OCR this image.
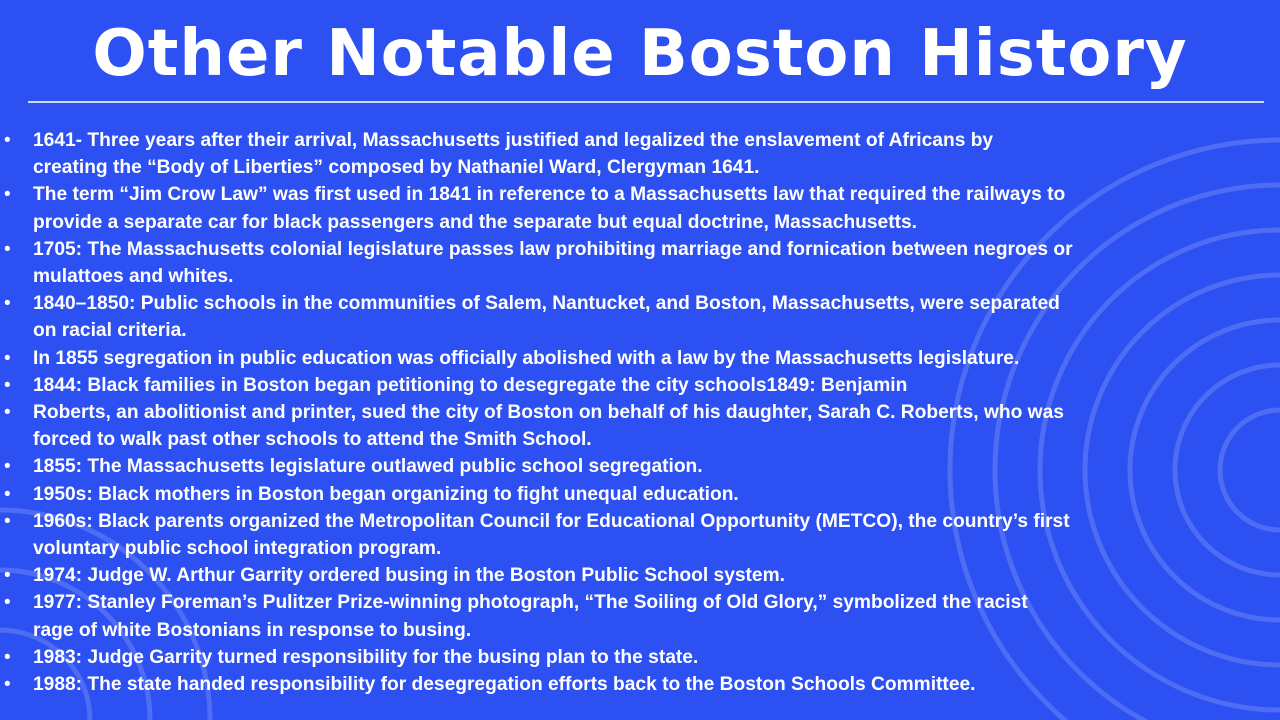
Other Notable Boston History
• 1641- Three years after their arrival, Massachusetts justified and legalized the enslavement of Africans by
creating the “Body of Liberties” composed by Nathaniel Ward, Clergyman 1641.
• The term “Jim Crow Law” was first used in 1841 in reference to a Massachusetts law that required the railways to
provide a separate car for black passengers and the separate but equal doctrine, Massachusetts.
• 1705: The Massachusetts colonial legislature passes law prohibiting marriage and fornication between negroes or
mulattoes and whites.
• 1840–1850: Public schools in the communities of Salem, Nantucket, and Boston, Massachusetts, were separated
on racial criteria.
• In 1855 segregation in public education was officially abolished with a law by the Massachusetts legislature.
• 1844: Black families in Boston began petitioning to desegregate the city schools1849: Benjamin
• Roberts, an abolitionist and printer, sued the city of Boston on behalf of his daughter, Sarah C. Roberts, who was
forced to walk past other schools to attend the Smith School.
• 1855: The Massachusetts legislature outlawed public school segregation.
• 1950s: Black mothers in Boston began organizing to fight unequal education.
• 1960s: Black parents organized the Metropolitan Council for Educational Opportunity (METCO), the country’s first
voluntary public school integration program.
• 1974: Judge W. Arthur Garrity ordered busing in the Boston Public School system.
• 1977: Stanley Foreman’s Pulitzer Prize-winning photograph, “The Soiling of Old Glory,” symbolized the racist
rage of white Bostonians in response to busing.
• 1983: Judge Garrity turned responsibility for the busing plan to the state.
• 1988: The state handed responsibility for desegregation efforts back to the Boston Schools Committee.
